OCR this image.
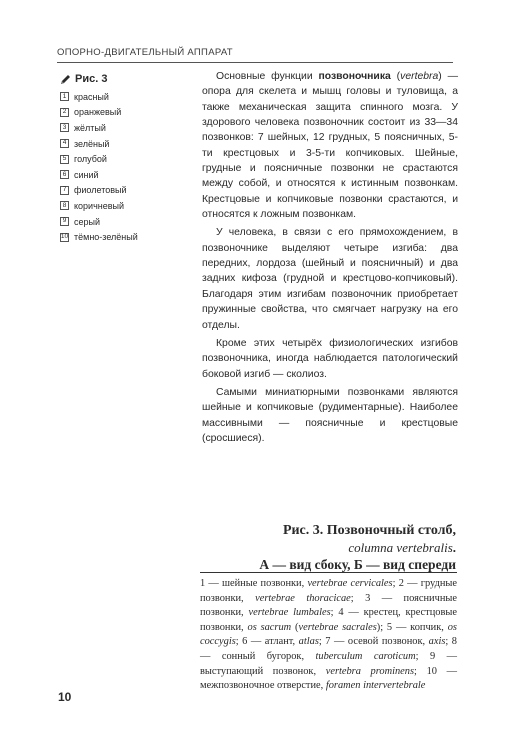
ОПОРНО-ДВИГАТЕЛЬНЫЙ АППАРАТ
Рис. 3
1 красный
2 оранжевый
3 жёлтый
4 зелёный
5 голубой
6 синий
7 фиолетовый
8 коричневый
9 серый
10 тёмно-зелёный

Основные функции позвоночника (vertebra) — опора для скелета и мышц головы и туловища, а также механическая защита спинного мозга. У здорового человека позвоночник состоит из 33—34 позвонков: 7 шейных, 12 грудных, 5 поясничных, 5-ти крестцовых и 3-5-ти копчиковых. Шейные, грудные и поясничные позвонки не срастаются между собой, и относятся к истинным позвонкам. Крестцовые и копчиковые позвонки срастаются, и относятся к ложным позвонкам.

У человека, в связи с его прямохождением, в позвоночнике выделяют четыре изгиба: два передних, лордоза (шейный и поясничный) и два задних кифоза (грудной и крестцово-копчиковый). Благодаря этим изгибам позвоночник приобретает пружинные свойства, что смягчает нагрузку на его отделы.

Кроме этих четырёх физиологических изгибов позвоночника, иногда наблюдается патологический боковой изгиб — сколиоз.

Самыми миниатюрными позвонками являются шейные и копчиковые (рудиментарные). Наиболее массивными — поясничные и крестцовые (сросшиеся).

Рис. 3. Позвоночный столб,
columna vertebralis.
А — вид сбоку, Б — вид спереди
1 — шейные позвонки, vertebrae cervicales; 2 — грудные позвонки, vertebrae thoracicae; 3 — поясничные позвонки, vertebrae lumbales; 4 — крестец, крестцовые позвонки, os sacrum (vertebrae sacrales); 5 — копчик, os coccygis; 6 — атлант, atlas; 7 — осевой позвонок, axis; 8 — сонный бугорок, tuberculum caroticum; 9 — выступающий позвонок, vertebra prominens; 10 — межпозвоночное отверстие, foramen intervertebrale
10
